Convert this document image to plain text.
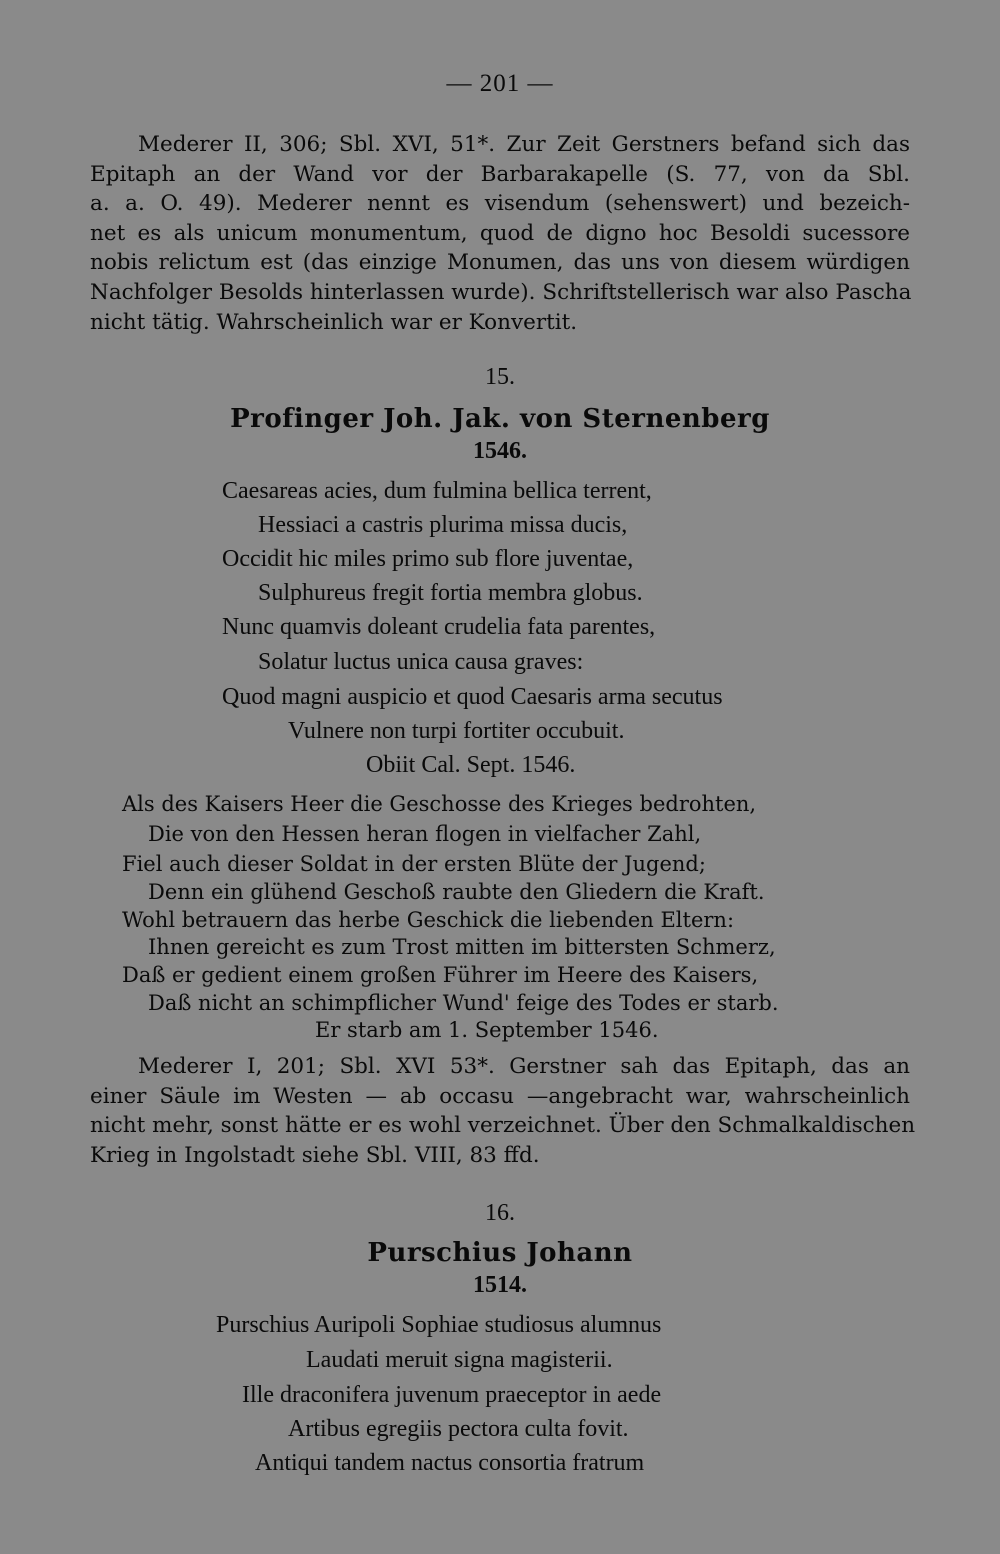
— 201 —

Mederer II, 306; Sbl. XVI, 51*. Zur Zeit Gerstners befand sich das

Epitaph an der Wand vor der Barbarakapelle (S. 77, von da Sbl.

a. a. O. 49). Mederer nennt es visendum (sehenswert) und bezeich-

net es als unicum monumentum, quod de digno hoc Besoldi sucessore

nobis relictum est (das einzige Monumen, das uns von diesem würdigen

Nachfolger Besolds hinterlassen wurde). Schriftstellerisch war also Pascha

nicht tätig. Wahrscheinlich war er Konvertit.

15.
Profinger Joh. Jak. von Sternenberg
1546.
Caesareas acies, dum fulmina bellica terrent,
Hessiaci a castris plurima missa ducis,
Occidit hic miles primo sub flore juventae,
Sulphureus fregit fortia membra globus.
Nunc quamvis doleant crudelia fata parentes,
Solatur luctus unica causa graves:
Quod magni auspicio et quod Caesaris arma secutus
Vulnere non turpi fortiter occubuit.
Obiit Cal. Sept. 1546.
Als des Kaisers Heer die Geschosse des Krieges bedrohten,
Die von den Hessen heran flogen in vielfacher Zahl,
Fiel auch dieser Soldat in der ersten Blüte der Jugend;
Denn ein glühend Geschoß raubte den Gliedern die Kraft.
Wohl betrauern das herbe Geschick die liebenden Eltern:
Ihnen gereicht es zum Trost mitten im bittersten Schmerz,
Daß er gedient einem großen Führer im Heere des Kaisers,
Daß nicht an schimpflicher Wund' feige des Todes er starb.
Er starb am 1. September 1546.

Mederer I, 201; Sbl. XVI 53*. Gerstner sah das Epitaph, das an

einer Säule im Westen — ab occasu —angebracht war, wahrscheinlich

nicht mehr, sonst hätte er es wohl verzeichnet. Über den Schmalkaldischen

Krieg in Ingolstadt siehe Sbl. VIII, 83 ffd.

16.
Purschius Johann
1514.
Purschius Auripoli Sophiae studiosus alumnus
Laudati meruit signa magisterii.
Ille draconifera juvenum praeceptor in aede
Artibus egregiis pectora culta fovit.
Antiqui tandem nactus consortia fratrum
